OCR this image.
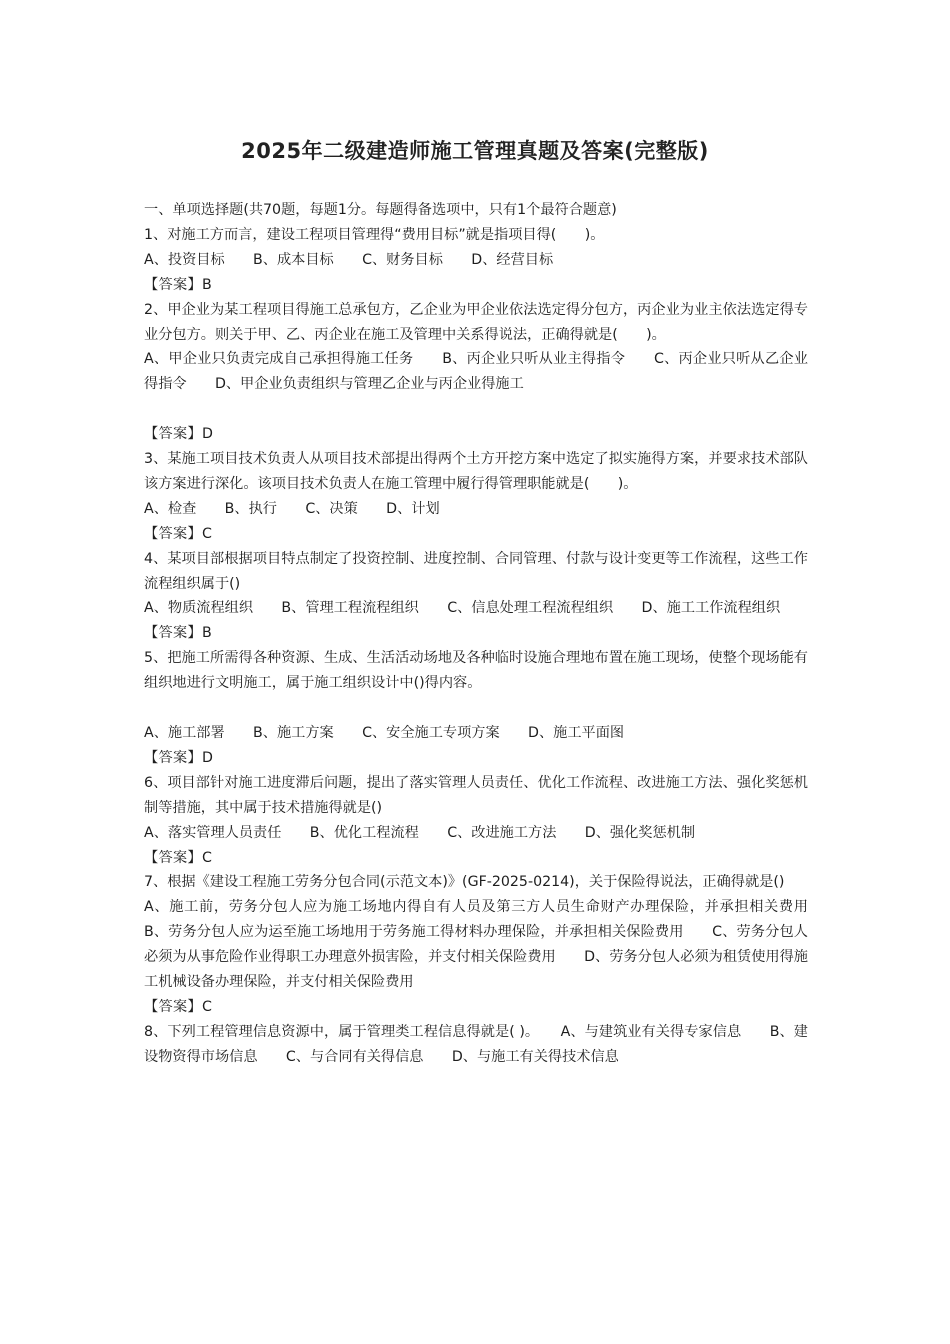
2025年二级建造师施工管理真题及答案(完整版)
一、单项选择题(共70题，每题1分。每题得备选项中，只有1个最符合题意)
1、对施工方而言，建设工程项目管理得“费用目标”就是指项目得(　　)。
A、投资目标　　B、成本目标　　C、财务目标　　D、经营目标
【答案】B
2、甲企业为某工程项目得施工总承包方，乙企业为甲企业依法选定得分包方，丙企业为业主依法选定得专业分包方。则关于甲、乙、丙企业在施工及管理中关系得说法，正确得就是(　　)。
A、甲企业只负责完成自己承担得施工任务　　B、丙企业只听从业主得指令　　C、丙企业只听从乙企业得指令　　D、甲企业负责组织与管理乙企业与丙企业得施工
【答案】D
3、某施工项目技术负责人从项目技术部提出得两个土方开挖方案中选定了拟实施得方案，并要求技术部队该方案进行深化。该项目技术负责人在施工管理中履行得管理职能就是(　　)。
A、检查　　B、执行　　C、决策　　D、计划
【答案】C
4、某项目部根据项目特点制定了投资控制、进度控制、合同管理、付款与设计变更等工作流程，这些工作流程组织属于()
A、物质流程组织　　B、管理工程流程组织　　C、信息处理工程流程组织　　D、施工工作流程组织
【答案】B
5、把施工所需得各种资源、生成、生活活动场地及各种临时设施合理地布置在施工现场，使整个现场能有组织地进行文明施工，属于施工组织设计中()得内容。
A、施工部署　　B、施工方案　　C、安全施工专项方案　　D、施工平面图
【答案】D
6、项目部针对施工进度滞后问题，提出了落实管理人员责任、优化工作流程、改进施工方法、强化奖惩机制等措施，其中属于技术措施得就是()
A、落实管理人员责任　　B、优化工程流程　　C、改进施工方法　　D、强化奖惩机制
【答案】C
7、根据《建设工程施工劳务分包合同(示范文本)》(GF-2025-0214)，关于保险得说法，正确得就是()
A、施工前，劳务分包人应为施工场地内得自有人员及第三方人员生命财产办理保险，并承担相关费用　　B、劳务分包人应为运至施工场地用于劳务施工得材料办理保险，并承担相关保险费用　　C、劳务分包人必须为从事危险作业得职工办理意外损害险，并支付相关保险费用　　D、劳务分包人必须为租赁使用得施工机械设备办理保险，并支付相关保险费用
【答案】C
8、下列工程管理信息资源中，属于管理类工程信息得就是( )。　　A、与建筑业有关得专家信息　　B、建设物资得市场信息　　C、与合同有关得信息　　D、与施工有关得技术信息
